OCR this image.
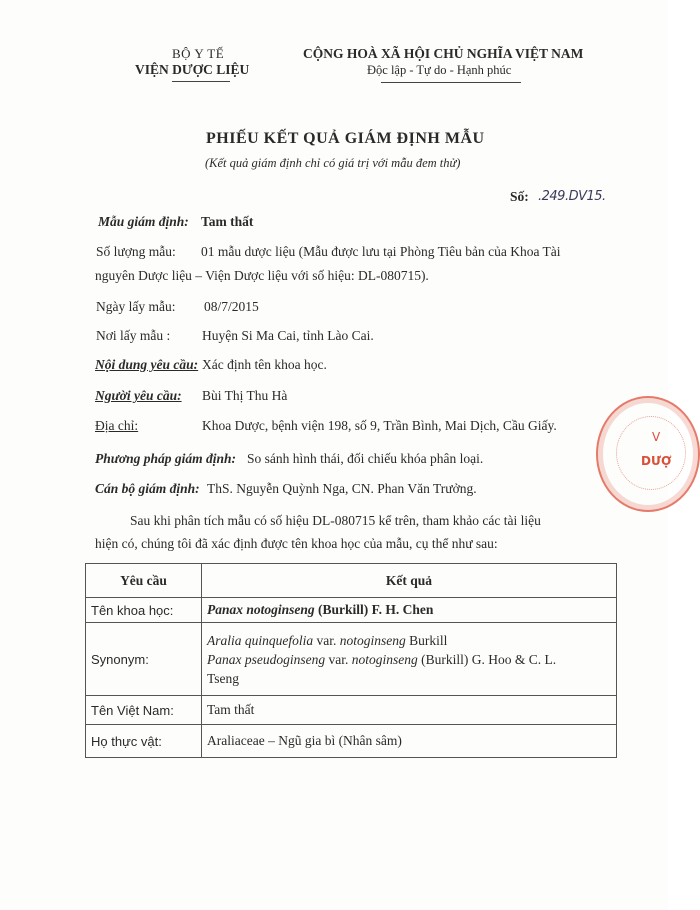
BỘ Y TẾ
VIỆN DƯỢC LIỆU
CỘNG HOÀ XÃ HỘI CHỦ NGHĨA VIỆT NAM
Độc lập - Tự do - Hạnh phúc
PHIẾU KẾT QUẢ GIÁM ĐỊNH MẪU
(Kết quả giám định chỉ có giá trị với mẫu đem thử)
Số: .249.DV15.
Mẫu giám định: Tam thất
Số lượng mẫu: 01 mẫu dược liệu (Mẫu được lưu tại Phòng Tiêu bản của Khoa Tài
nguyên Dược liệu – Viện Dược liệu với số hiệu: DL-080715).
Ngày lấy mẫu: 08/7/2015
Nơi lấy mẫu : Huyện Si Ma Cai, tỉnh Lào Cai.
Nội dung yêu cầu: Xác định tên khoa học.
Người yêu cầu: Bùi Thị Thu Hà
Địa chỉ:	Khoa Dược, bệnh viện 198, số 9, Trần Bình, Mai Dịch, Cầu Giấy.
Phương pháp giám định: So sánh hình thái, đối chiếu khóa phân loại.
Cán bộ giám định: ThS. Nguyễn Quỳnh Nga, CN. Phan Văn Trưởng.
Sau khi phân tích mẫu có số hiệu DL-080715 kể trên, tham khảo các tài liệu
hiện có, chúng tôi đã xác định được tên khoa học của mẫu, cụ thể như sau:
Yêu cầu	Kết quả
Tên khoa học:	Panax notoginseng (Burkill) F. H. Chen
Synonym:	Aralia quinquefolia var. notoginseng Burkill
Panax pseudoginseng var. notoginseng (Burkill) G. Hoo & C. L.
Tseng

Tên Việt Nam:	Tam thất
Họ thực vật:	Araliaceae – Ngũ gia bì (Nhân sâm)
V
DƯỢ
